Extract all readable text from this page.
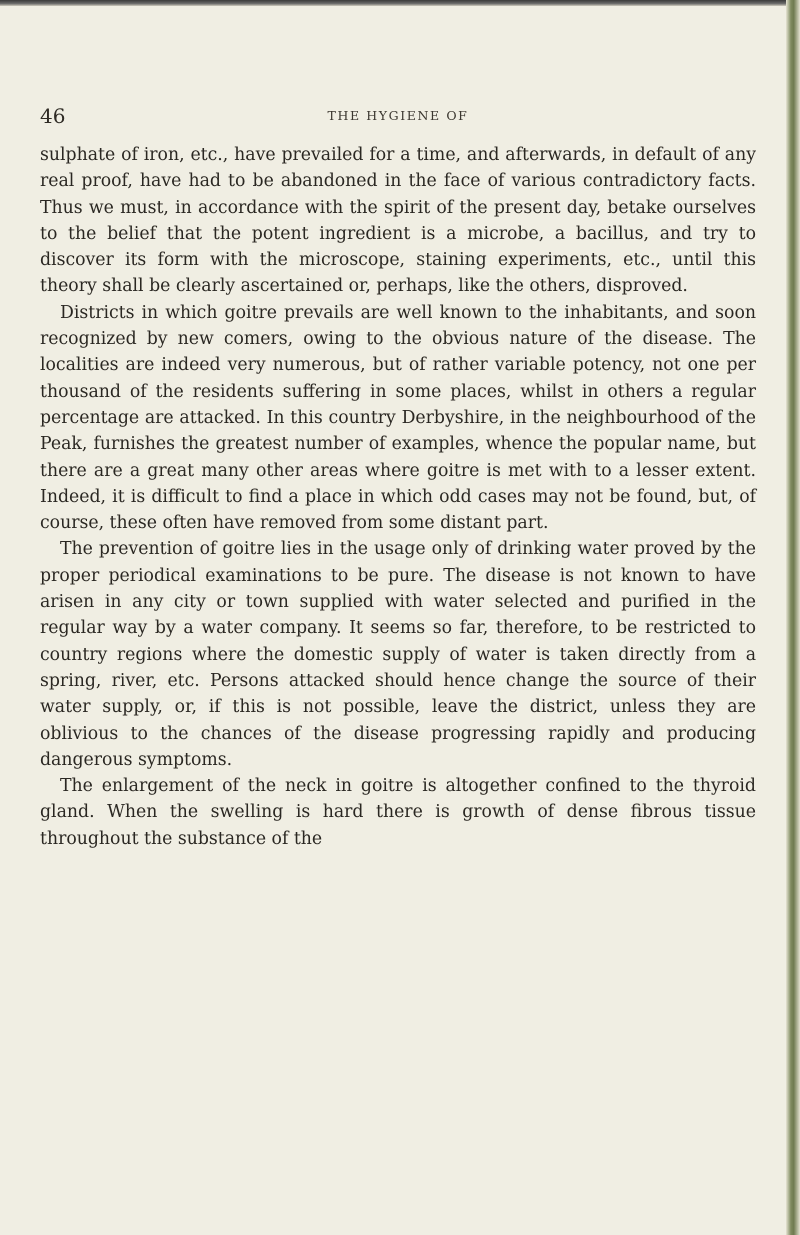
46	THE HYGIENE OF

sulphate of iron, etc., have prevailed for a time, and afterwards, in default of any real proof, have had to be abandoned in the face of various contradictory facts. Thus we must, in accordance with the spirit of the present day, betake ourselves to the belief that the potent ingredient is a microbe, a bacillus, and try to discover its form with the microscope, staining experiments, etc., until this theory shall be clearly ascertained or, perhaps, like the others, disproved.

Districts in which goitre prevails are well known to the inhabitants, and soon recognized by new comers, owing to the obvious nature of the disease. The localities are indeed very numerous, but of rather variable potency, not one per thousand of the residents suffering in some places, whilst in others a regular percentage are attacked. In this country Derbyshire, in the neighbourhood of the Peak, furnishes the greatest number of examples, whence the popular name, but there are a great many other areas where goitre is met with to a lesser extent. Indeed, it is difficult to find a place in which odd cases may not be found, but, of course, these often have removed from some distant part.

The prevention of goitre lies in the usage only of drinking water proved by the proper periodical examinations to be pure. The disease is not known to have arisen in any city or town supplied with water selected and purified in the regular way by a water company. It seems so far, therefore, to be restricted to country regions where the domestic supply of water is taken directly from a spring, river, etc. Persons attacked should hence change the source of their water supply, or, if this is not possible, leave the district, unless they are oblivious to the chances of the disease progressing rapidly and producing dangerous symptoms.

The enlargement of the neck in goitre is altogether confined to the thyroid gland. When the swelling is hard there is growth of dense fibrous tissue throughout the substance of the
